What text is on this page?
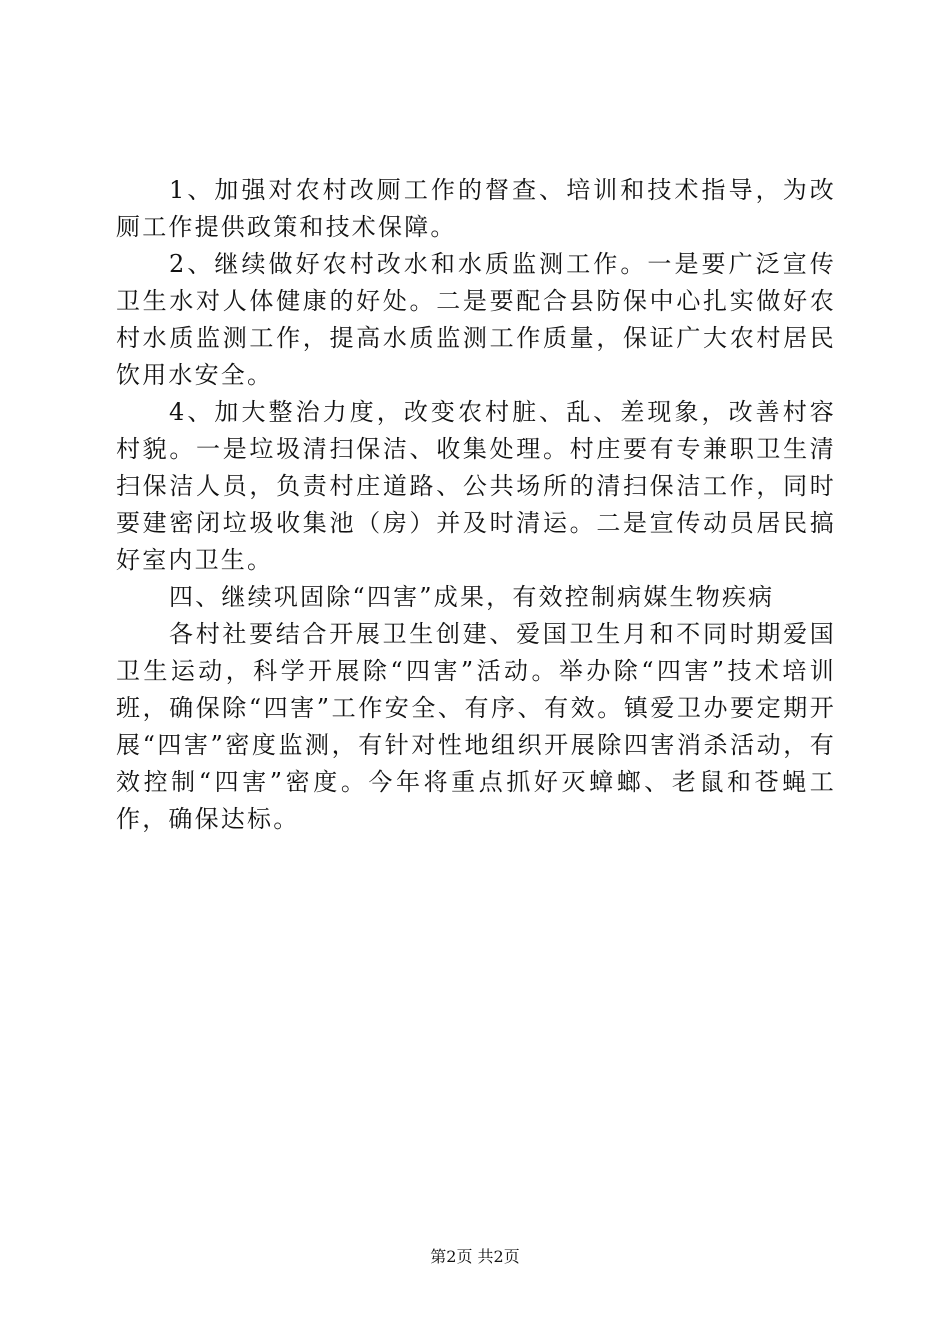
1、加强对农村改厕工作的督查、培训和技术指导，为改厕工作提供政策和技术保障。

2、继续做好农村改水和水质监测工作。一是要广泛宣传卫生水对人体健康的好处。二是要配合县防保中心扎实做好农村水质监测工作，提高水质监测工作质量，保证广大农村居民饮用水安全。

4、加大整治力度，改变农村脏、乱、差现象，改善村容村貌。一是垃圾清扫保洁、收集处理。村庄要有专兼职卫生清扫保洁人员，负责村庄道路、公共场所的清扫保洁工作，同时要建密闭垃圾收集池（房）并及时清运。二是宣传动员居民搞好室内卫生。

四、继续巩固除“四害”成果，有效控制病媒生物疾病

各村社要结合开展卫生创建、爱国卫生月和不同时期爱国卫生运动，科学开展除“四害”活动。举办除“四害”技术培训班，确保除“四害”工作安全、有序、有效。镇爱卫办要定期开展“四害”密度监测，有针对性地组织开展除四害消杀活动，有效控制“四害”密度。今年将重点抓好灭蟑螂、老鼠和苍蝇工作，确保达标。

第2页 共2页
